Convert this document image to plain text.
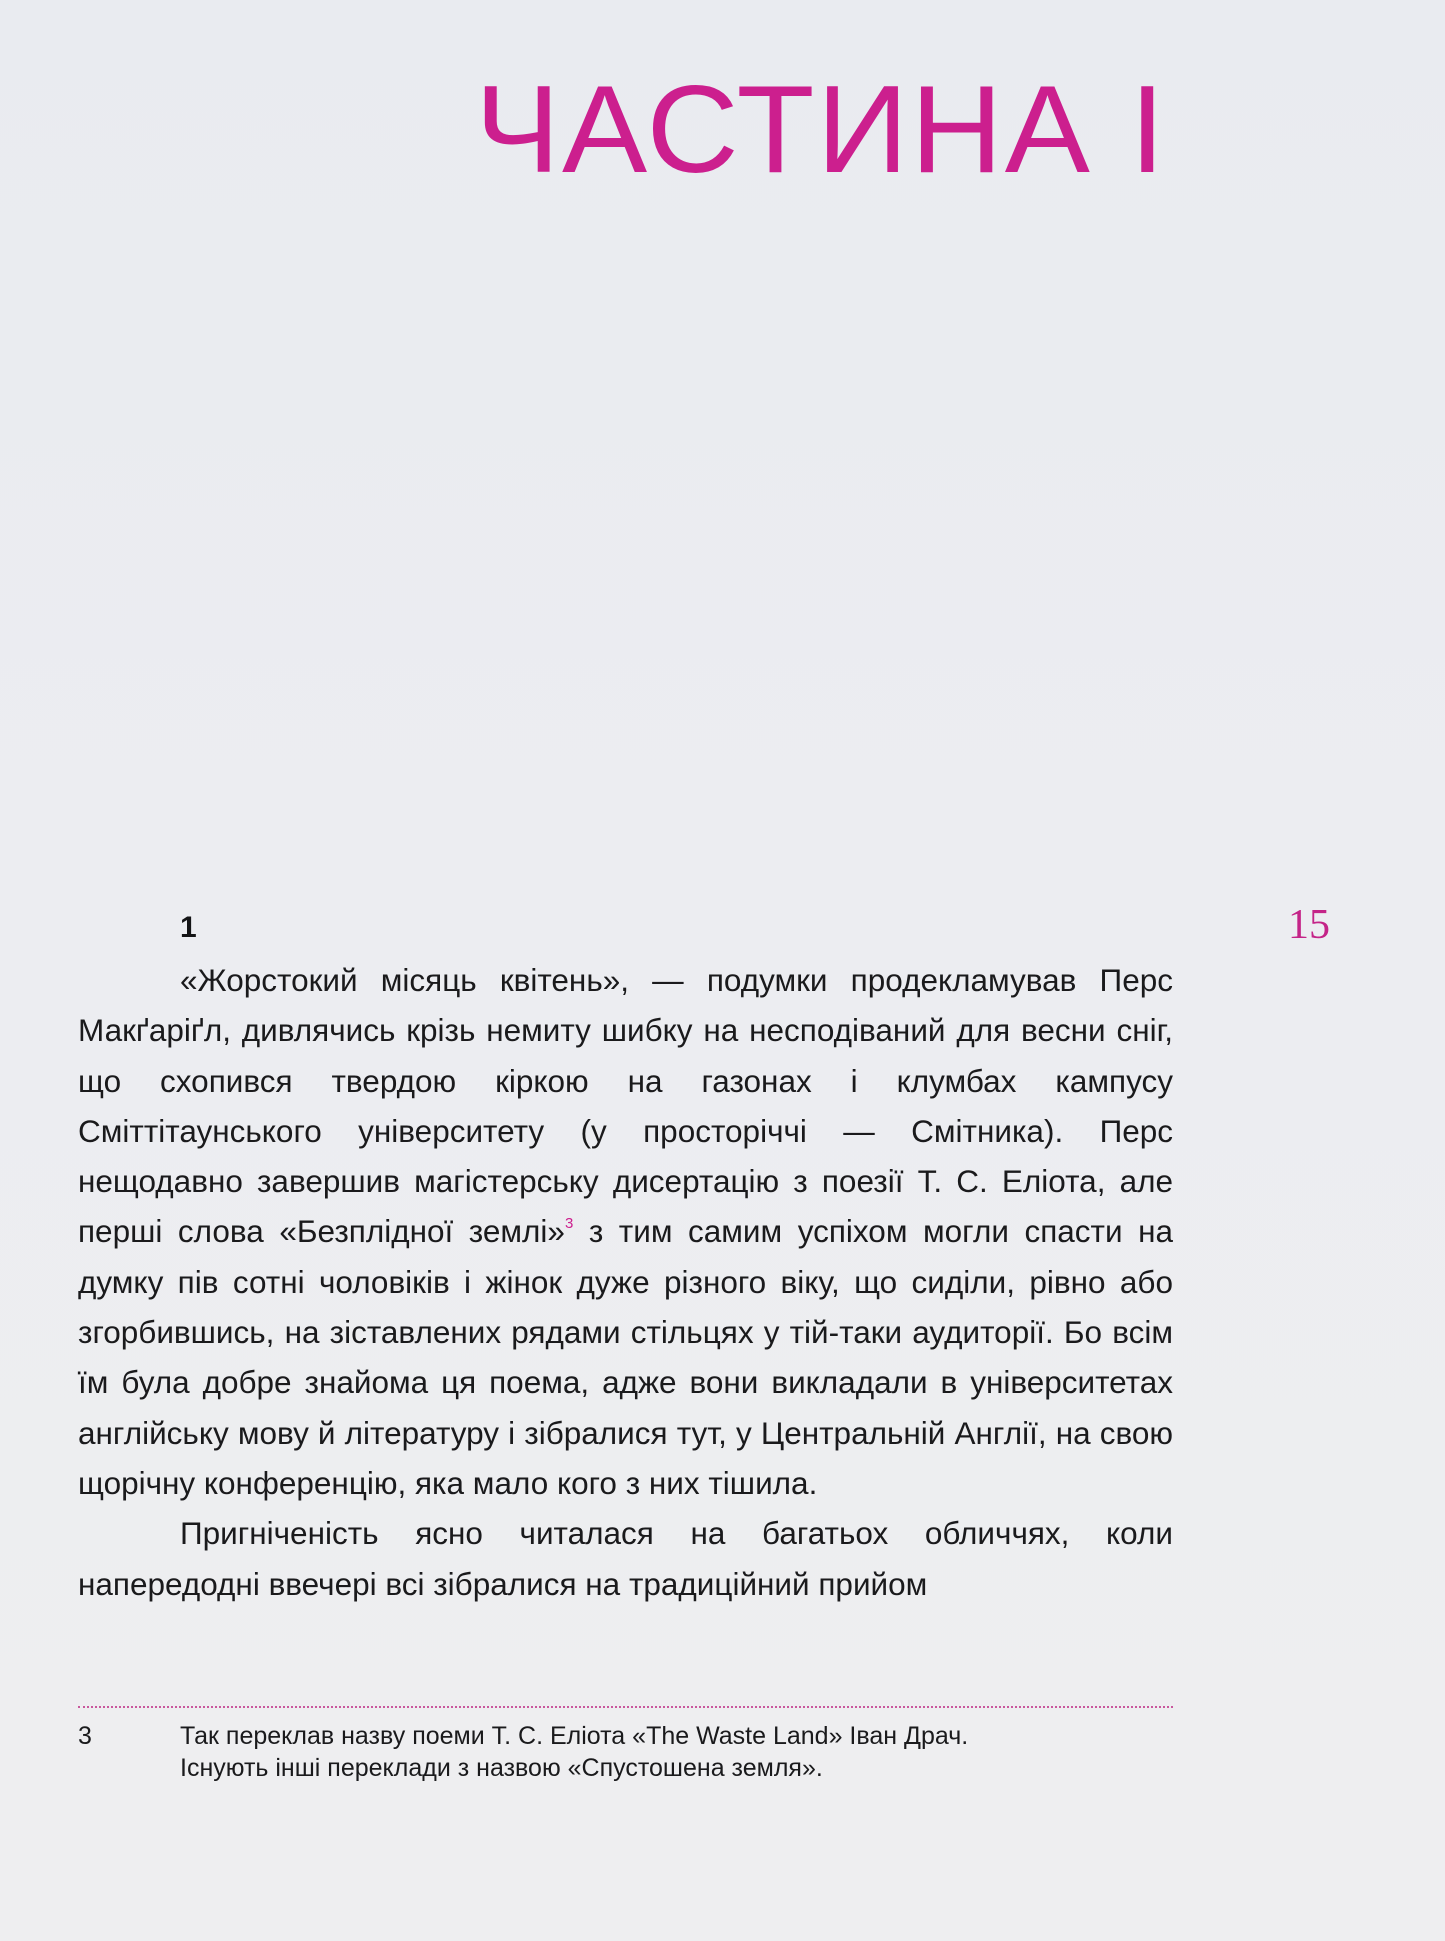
ЧАСТИНА I
15
1

«Жорстокий місяць квітень», — подумки продекламував Перс Макґаріґл, дивлячись крізь немиту шибку на несподіваний для весни сніг, що схопився твердою кіркою на газонах і клумбах кампусу Сміттітаунського університету (у просторіччі — Смітника). Перс нещодавно завершив магістерську дисертацію з поезії Т. С. Еліота, але перші слова «Безплідної землі»$^3$ з тим самим успіхом могли спасти на думку пів сотні чоловіків і жінок дуже різного віку, що сиділи, рівно або згорбившись, на зіставлених рядами стільцях у тій-таки аудиторії. Бо всім їм була добре знайома ця поема, адже вони викладали в університетах англійську мову й літературу і зібралися тут, у Центральній Англії, на свою щорічну конференцію, яка мало кого з них тішила.

Пригніченість ясно читалася на багатьох обличчях, коли напередодні ввечері всі зібралися на традиційний прийом

3	Так переклав назву поеми Т. С. Еліота «The Waste Land» Іван Драч.
Існують інші переклади з назвою «Спустошена земля».
